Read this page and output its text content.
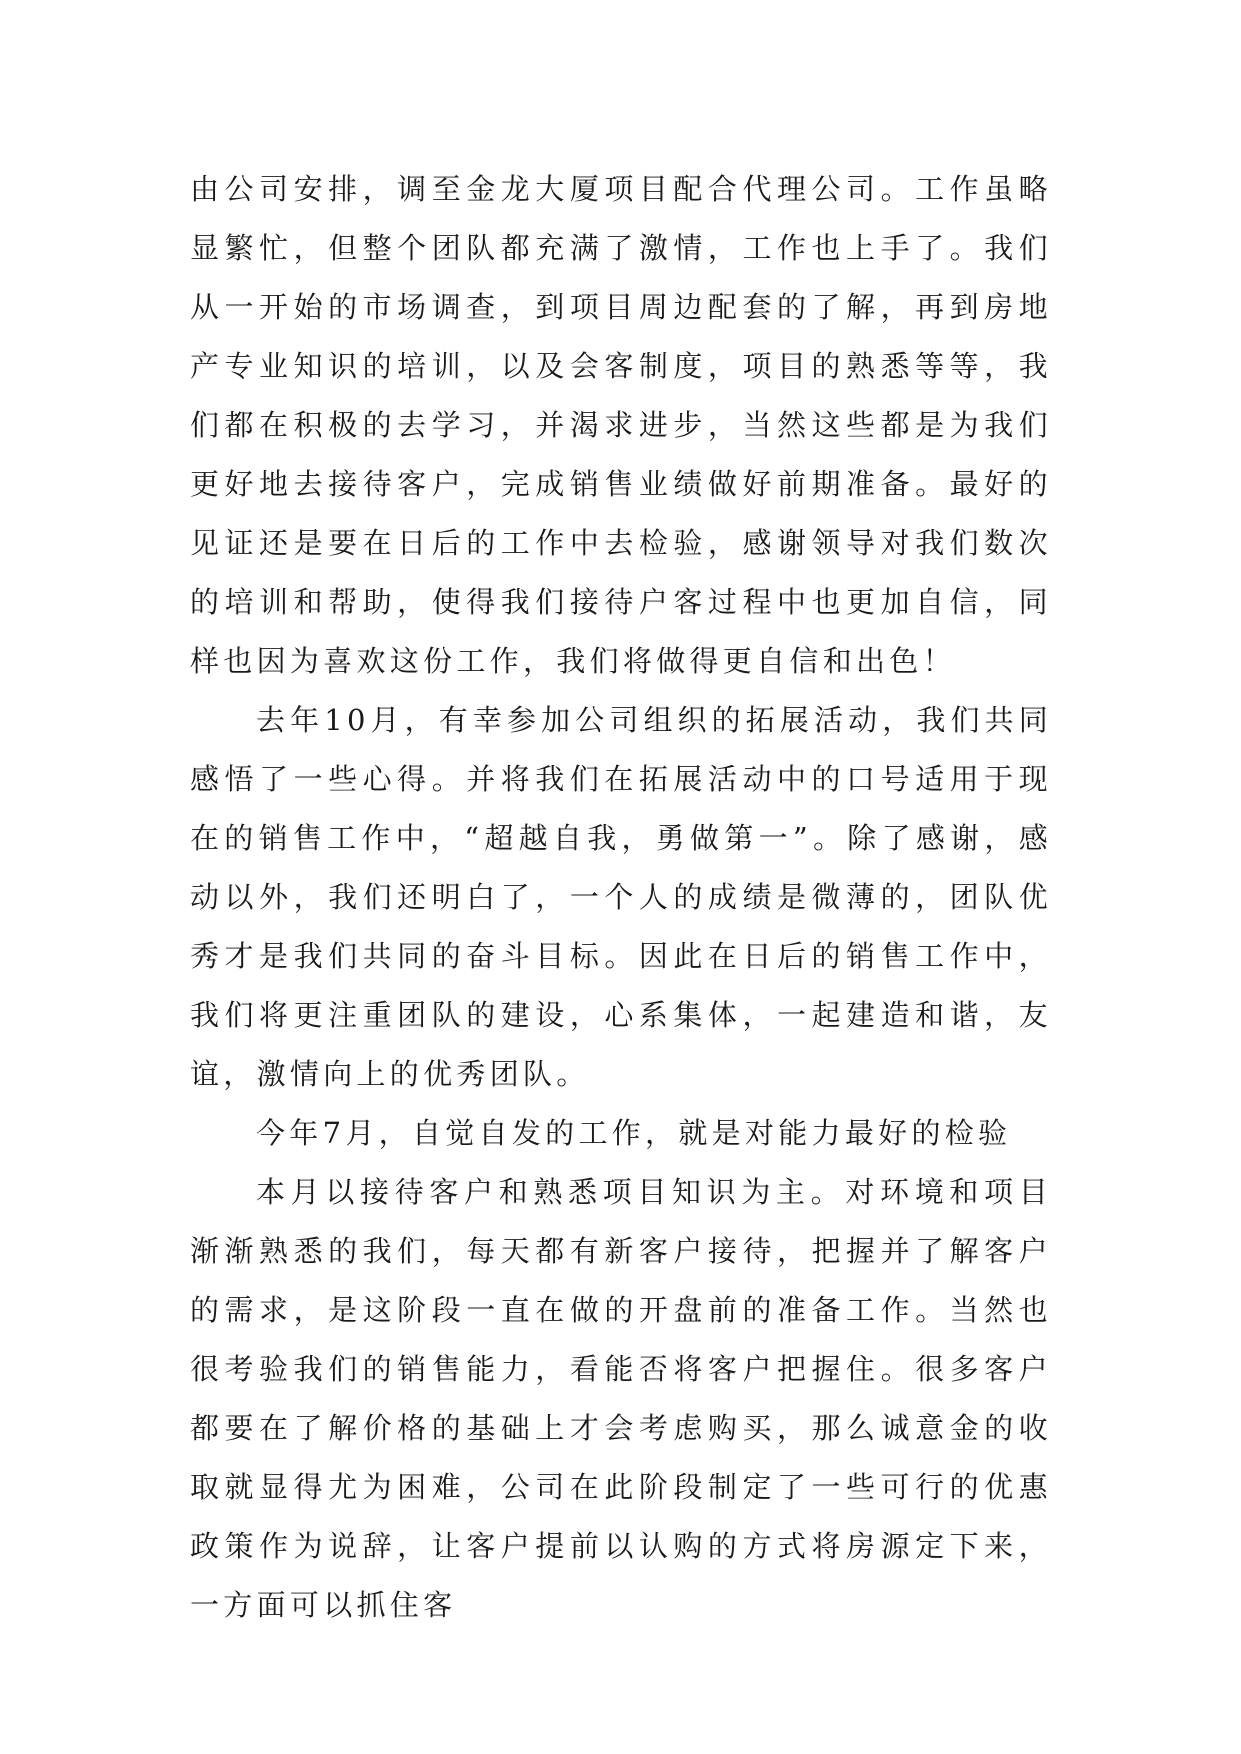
由公司安排，调至金龙大厦项目配合代理公司。工作虽略显繁忙，但整个团队都充满了激情，工作也上手了。我们从一开始的市场调查，到项目周边配套的了解，再到房地产专业知识的培训，以及会客制度，项目的熟悉等等，我们都在积极的去学习，并渴求进步，当然这些都是为我们更好地去接待客户，完成销售业绩做好前期准备。最好的见证还是要在日后的工作中去检验，感谢领导对我们数次的培训和帮助，使得我们接待户客过程中也更加自信，同样也因为喜欢这份工作，我们将做得更自信和出色！

去年10月，有幸参加公司组织的拓展活动，我们共同感悟了一些心得。并将我们在拓展活动中的口号适用于现在的销售工作中，“超越自我，勇做第一”。除了感谢，感动以外，我们还明白了，一个人的成绩是微薄的，团队优秀才是我们共同的奋斗目标。因此在日后的销售工作中，我们将更注重团队的建设，心系集体，一起建造和谐，友谊，激情向上的优秀团队。

今年7月，自觉自发的工作，就是对能力最好的检验

本月以接待客户和熟悉项目知识为主。对环境和项目渐渐熟悉的我们，每天都有新客户接待，把握并了解客户的需求，是这阶段一直在做的开盘前的准备工作。当然也很考验我们的销售能力，看能否将客户把握住。很多客户都要在了解价格的基础上才会考虑购买，那么诚意金的收取就显得尤为困难，公司在此阶段制定了一些可行的优惠政策作为说辞，让客户提前以认购的方式将房源定下来，一方面可以抓住客
